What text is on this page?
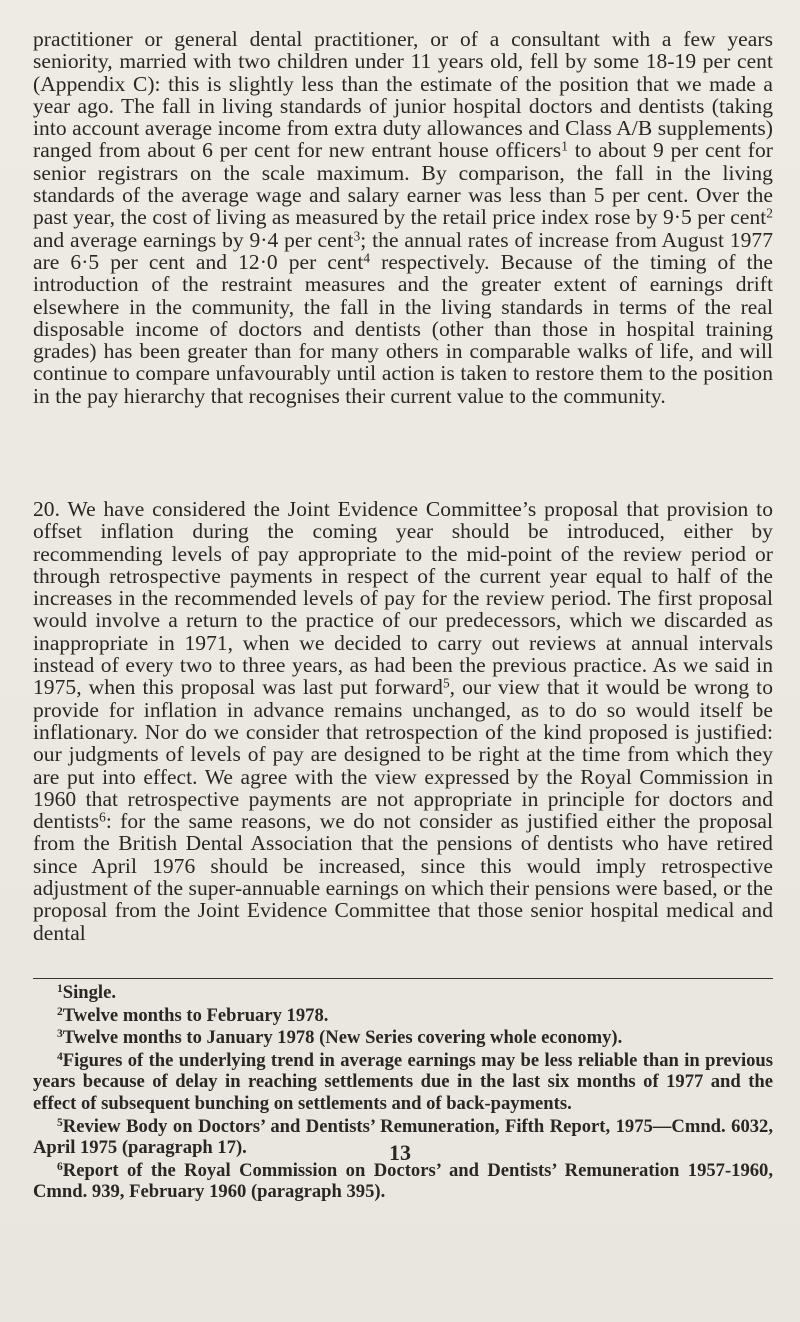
practitioner or general dental practitioner, or of a consultant with a few years seniority, married with two children under 11 years old, fell by some 18-19 per cent (Appendix C): this is slightly less than the estimate of the position that we made a year ago. The fall in living standards of junior hospital doctors and dentists (taking into account average income from extra duty allowances and Class A/B supplements) ranged from about 6 per cent for new entrant house officers$^1$ to about 9 per cent for senior registrars on the scale maximum. By comparison, the fall in the living standards of the average wage and salary earner was less than 5 per cent. Over the past year, the cost of living as measured by the retail price index rose by 9·5 per cent$^2$ and average earnings by 9·4 per cent$^3$; the annual rates of increase from August 1977 are 6·5 per cent and 12·0 per cent$^4$ respectively. Because of the timing of the introduction of the restraint measures and the greater extent of earnings drift elsewhere in the community, the fall in the living standards in terms of the real disposable income of doctors and dentists (other than those in hospital training grades) has been greater than for many others in comparable walks of life, and will continue to compare unfavourably until action is taken to restore them to the position in the pay hierarchy that recognises their current value to the community.

20. We have considered the Joint Evidence Committee’s proposal that provision to offset inflation during the coming year should be introduced, either by recommending levels of pay appropriate to the mid-point of the review period or through retrospective payments in respect of the current year equal to half of the increases in the recommended levels of pay for the review period. The first proposal would involve a return to the practice of our predecessors, which we discarded as inappropriate in 1971, when we decided to carry out reviews at annual intervals instead of every two to three years, as had been the previous practice. As we said in 1975, when this proposal was last put forward$^5$, our view that it would be wrong to provide for inflation in advance remains unchanged, as to do so would itself be inflationary. Nor do we consider that retrospection of the kind proposed is justified: our judgments of levels of pay are designed to be right at the time from which they are put into effect. We agree with the view expressed by the Royal Commission in 1960 that retrospective payments are not appropriate in principle for doctors and dentists$^6$: for the same reasons, we do not consider as justified either the proposal from the British Dental Association that the pensions of dentists who have retired since April 1976 should be increased, since this would imply retrospective adjustment of the super-annuable earnings on which their pensions were based, or the proposal from the Joint Evidence Committee that those senior hospital medical and dental

$^1$Single.
$^2$Twelve months to February 1978.
$^3$Twelve months to January 1978 (New Series covering whole economy).
$^4$Figures of the underlying trend in average earnings may be less reliable than in previous years because of delay in reaching settlements due in the last six months of 1977 and the effect of subsequent bunching on settlements and of back-payments.
$^5$Review Body on Doctors’ and Dentists’ Remuneration, Fifth Report, 1975—Cmnd. 6032, April 1975 (paragraph 17).
$^6$Report of the Royal Commission on Doctors’ and Dentists’ Remuneration 1957-1960, Cmnd. 939, February 1960 (paragraph 395).
13
